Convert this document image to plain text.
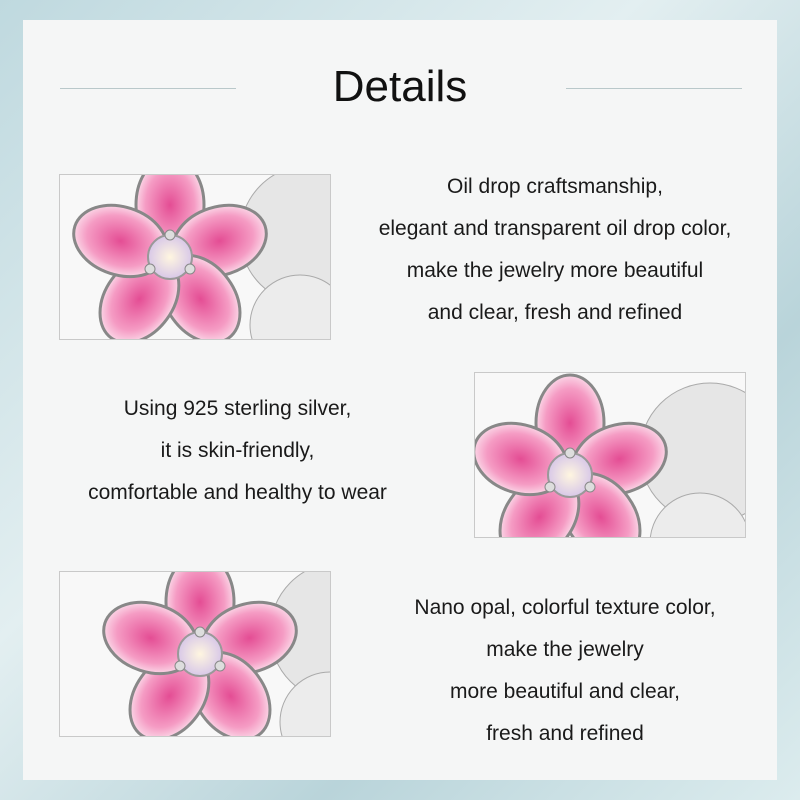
Details
Oil drop craftsmanship,
elegant and transparent oil drop color,
make the jewelry more beautiful
and clear, fresh and refined
Using 925 sterling silver,
it is skin-friendly,
comfortable and healthy to wear
Nano opal, colorful texture color,
make the jewelry
more beautiful and clear,
fresh and refined
